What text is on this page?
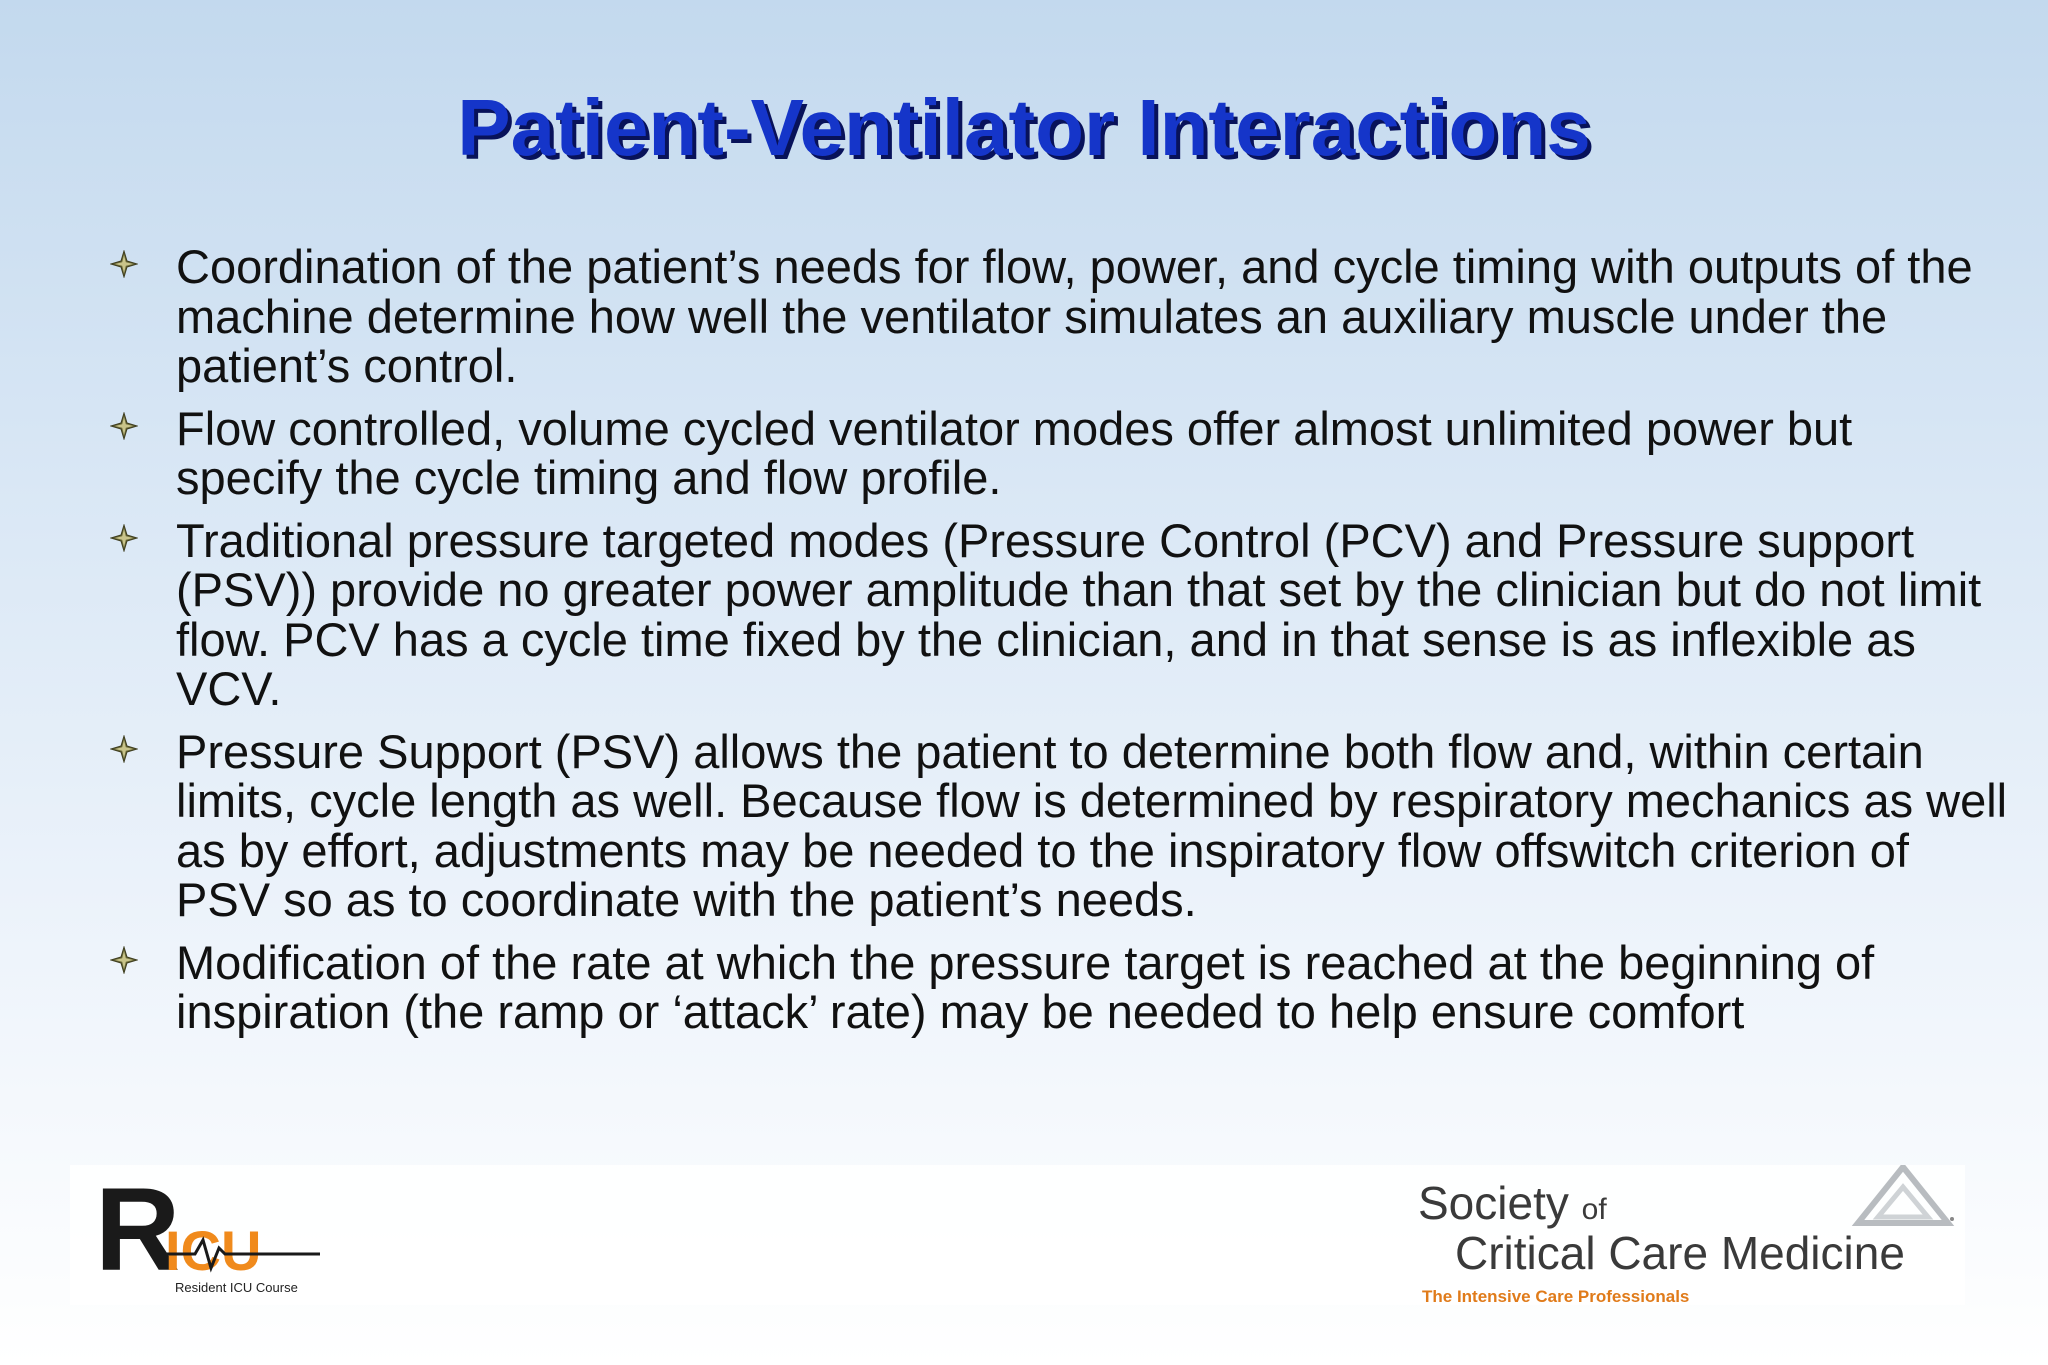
Patient-Ventilator Interactions
Coordination of the patient’s needs for flow, power, and cycle timing with outputs of the machine determine how well the ventilator simulates an auxiliary muscle under the patient’s control.
Flow controlled, volume cycled ventilator modes offer almost unlimited power but specify the cycle timing and flow profile.
Traditional pressure targeted modes (Pressure Control (PCV) and Pressure support (PSV)) provide no greater power amplitude than that set by the clinician but do not limit flow. PCV has a cycle time fixed by the clinician, and in that sense is as inflexible as VCV.
Pressure Support (PSV) allows the patient to determine both flow and, within certain limits, cycle length as well. Because flow is determined by respiratory mechanics as well as by effort, adjustments may be needed to the inspiratory flow offswitch criterion of PSV so as to coordinate with the patient’s needs.
Modification of the rate at which the pressure target is reached at the beginning of inspiration (the ramp or ‘attack’ rate) may be needed to help ensure comfort
R
ICU
Resident ICU Course
Society of
Critical Care Medicine
The Intensive Care Professionals
